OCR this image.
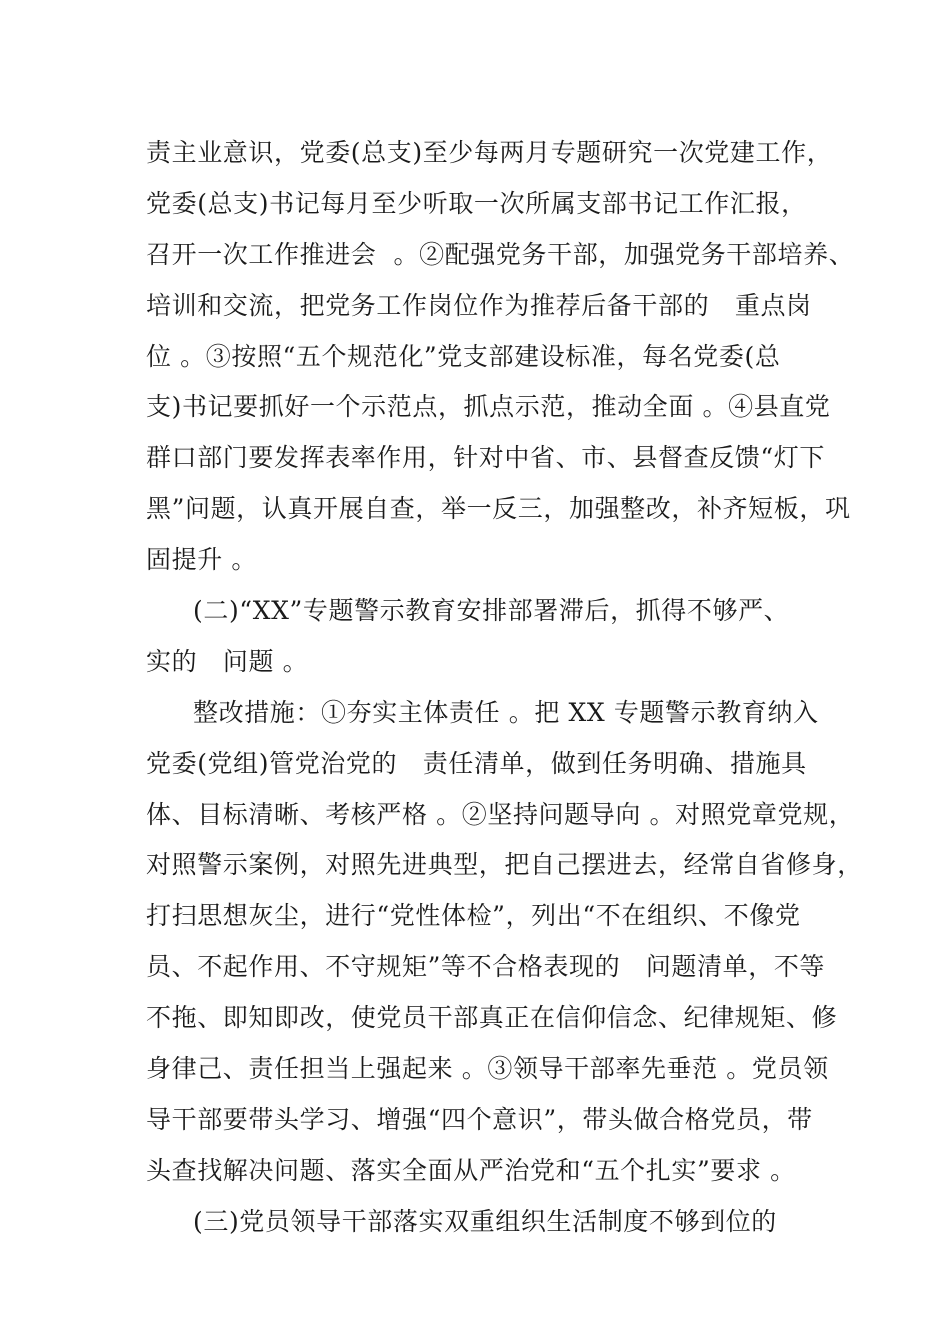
责主业意识，党委(总支)至少每两月专题研究一次党建工作，
党委(总支)书记每月至少听取一次所属支部书记工作汇报，
召开一次工作推进会  。②配强党务干部，加强党务干部培养、
培训和交流，把党务工作岗位作为推荐后备干部的   重点岗
位 。③按照“五个规范化”党支部建设标准，每名党委(总
支)书记要抓好一个示范点，抓点示范，推动全面 。④县直党
群口部门要发挥表率作用，针对中省、市、县督查反馈“灯下
黑”问题，认真开展自查，举一反三，加强整改，补齐短板，巩
固提升 。
(二)“XX”专题警示教育安排部署滞后，抓得不够严、
实的   问题 。
整改措施：①夯实主体责任 。把 XX 专题警示教育纳入
党委(党组)管党治党的   责任清单，做到任务明确、措施具
体、目标清晰、考核严格 。②坚持问题导向 。对照党章党规，
对照警示案例，对照先进典型，把自己摆进去，经常自省修身，
打扫思想灰尘，进行“党性体检”，列出“不在组织、不像党
员、不起作用、不守规矩”等不合格表现的   问题清单，不等
不拖、即知即改，使党员干部真正在信仰信念、纪律规矩、修
身律己、责任担当上强起来 。③领导干部率先垂范 。党员领
导干部要带头学习、增强“四个意识”，带头做合格党员，带
头查找解决问题、落实全面从严治党和“五个扎实”要求 。
(三)党员领导干部落实双重组织生活制度不够到位的
